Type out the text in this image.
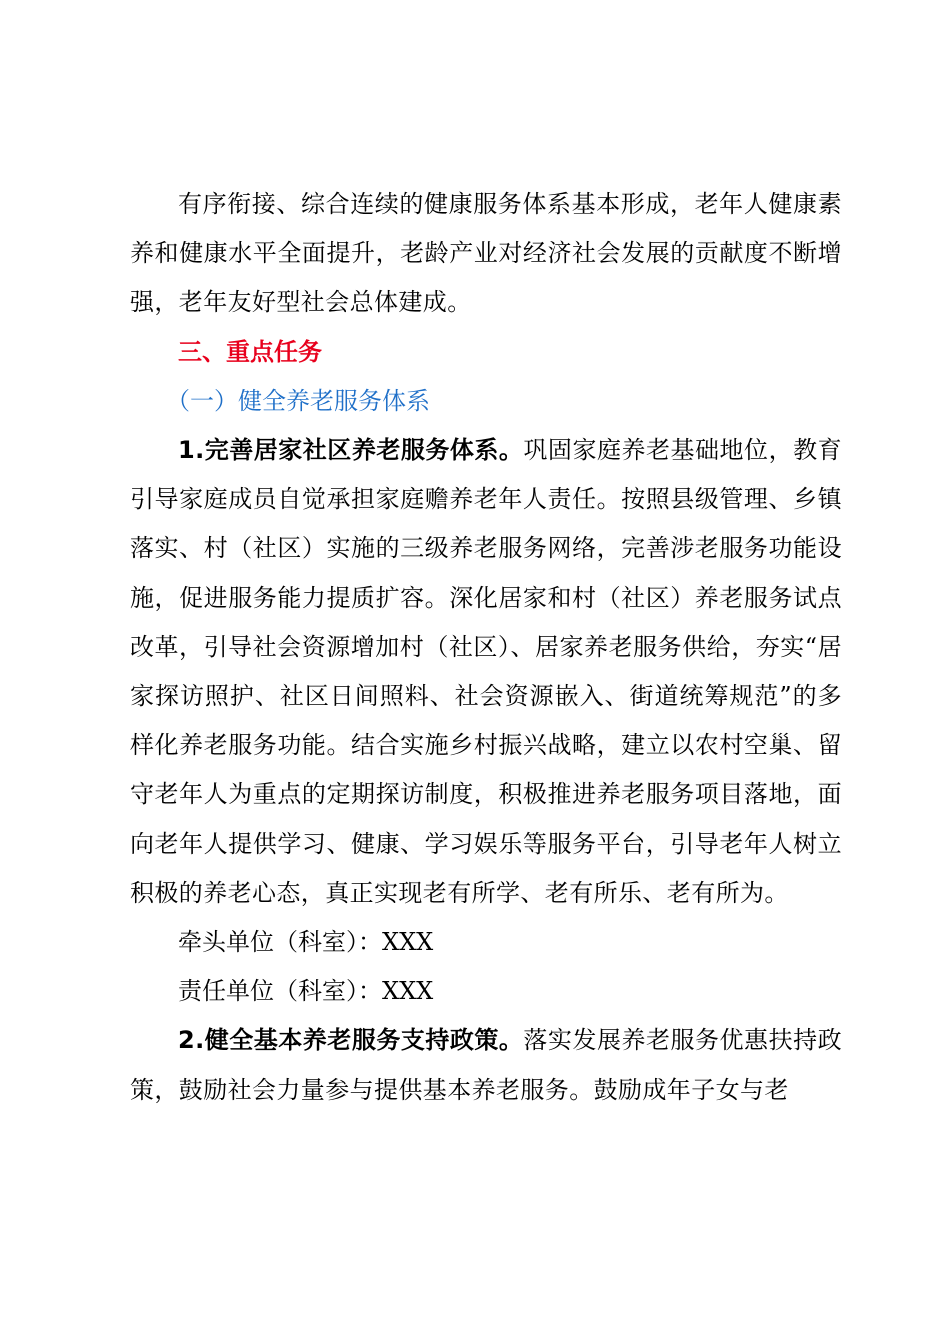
有序衔接、综合连续的健康服务体系基本形成，老年人健康素养和健康水平全面提升，老龄产业对经济社会发展的贡献度不断增强，老年友好型社会总体建成。

三、重点任务

（一）健全养老服务体系

1.完善居家社区养老服务体系。巩固家庭养老基础地位，教育引导家庭成员自觉承担家庭赡养老年人责任。按照县级管理、乡镇落实、村（社区）实施的三级养老服务网络，完善涉老服务功能设施，促进服务能力提质扩容。深化居家和村（社区）养老服务试点改革，引导社会资源增加村（社区）、居家养老服务供给，夯实“居家探访照护、社区日间照料、社会资源嵌入、街道统筹规范”的多样化养老服务功能。结合实施乡村振兴战略，建立以农村空巢、留守老年人为重点的定期探访制度，积极推进养老服务项目落地，面向老年人提供学习、健康、学习娱乐等服务平台，引导老年人树立积极的养老心态，真正实现老有所学、老有所乐、老有所为。

牵头单位（科室）：XXX

责任单位（科室）：XXX

2.健全基本养老服务支持政策。落实发展养老服务优惠扶持政策，鼓励社会力量参与提供基本养老服务。鼓励成年子女与老
